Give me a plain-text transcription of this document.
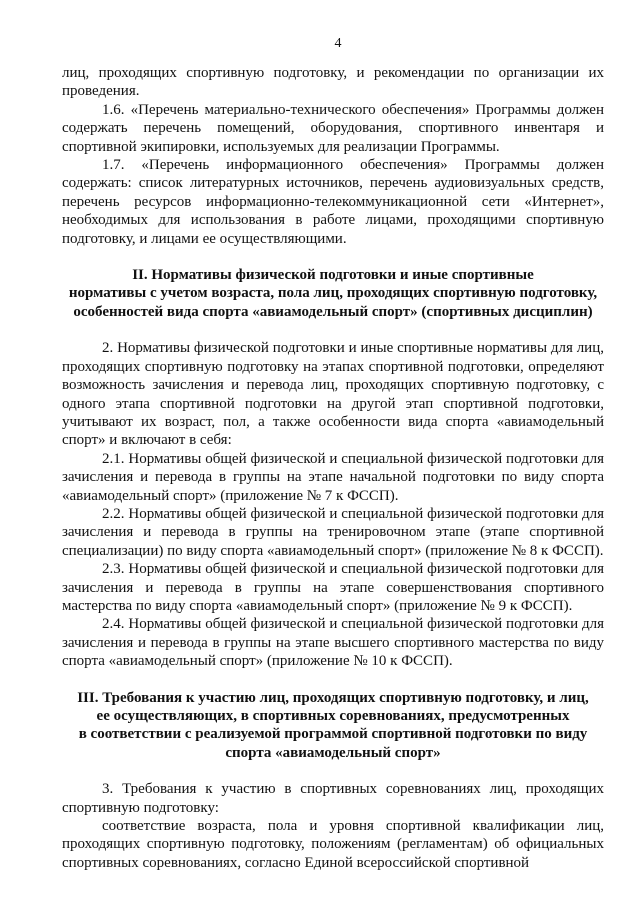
4

лиц, проходящих спортивную подготовку, и рекомендации по организации их проведения.

1.6. «Перечень материально-технического обеспечения» Программы должен содержать перечень помещений, оборудования, спортивного инвентаря и спортивной экипировки, используемых для реализации Программы.

1.7. «Перечень информационного обеспечения» Программы должен содержать: список литературных источников, перечень аудиовизуальных средств, перечень ресурсов информационно-телекоммуникационной сети «Интернет», необходимых для использования в работе лицами, проходящими спортивную подготовку, и лицами ее осуществляющими.

II. Нормативы физической подготовки и иные спортивные
нормативы с учетом возраста, пола лиц, проходящих спортивную подготовку,
особенностей вида спорта «авиамодельный спорт» (спортивных дисциплин)

2. Нормативы физической подготовки и иные спортивные нормативы для лиц, проходящих спортивную подготовку на этапах спортивной подготовки, определяют возможность зачисления и перевода лиц, проходящих спортивную подготовку, с одного этапа спортивной подготовки на другой этап спортивной подготовки, учитывают их возраст, пол, а также особенности вида спорта «авиамодельный спорт» и включают в себя:

2.1. Нормативы общей физической и специальной физической подготовки для зачисления и перевода в группы на этапе начальной подготовки по виду спорта «авиамодельный спорт» (приложение № 7 к ФССП).

2.2. Нормативы общей физической и специальной физической подготовки для зачисления и перевода в группы на тренировочном этапе (этапе спортивной специализации) по виду спорта «авиамодельный спорт» (приложение № 8 к ФССП).

2.3. Нормативы общей физической и специальной физической подготовки для зачисления и перевода в группы на этапе совершенствования спортивного мастерства по виду спорта «авиамодельный спорт» (приложение № 9 к ФССП).

2.4. Нормативы общей физической и специальной физической подготовки для зачисления и перевода в группы на этапе высшего спортивного мастерства по виду спорта «авиамодельный спорт» (приложение № 10 к ФССП).

III. Требования к участию лиц, проходящих спортивную подготовку, и лиц,
ее осуществляющих, в спортивных соревнованиях, предусмотренных
в соответствии с реализуемой программой спортивной подготовки по виду
спорта «авиамодельный спорт»

3. Требования к участию в спортивных соревнованиях лиц, проходящих спортивную подготовку:

соответствие возраста, пола и уровня спортивной квалификации лиц, проходящих спортивную подготовку, положениям (регламентам) об официальных спортивных соревнованиях, согласно Единой всероссийской спортивной
